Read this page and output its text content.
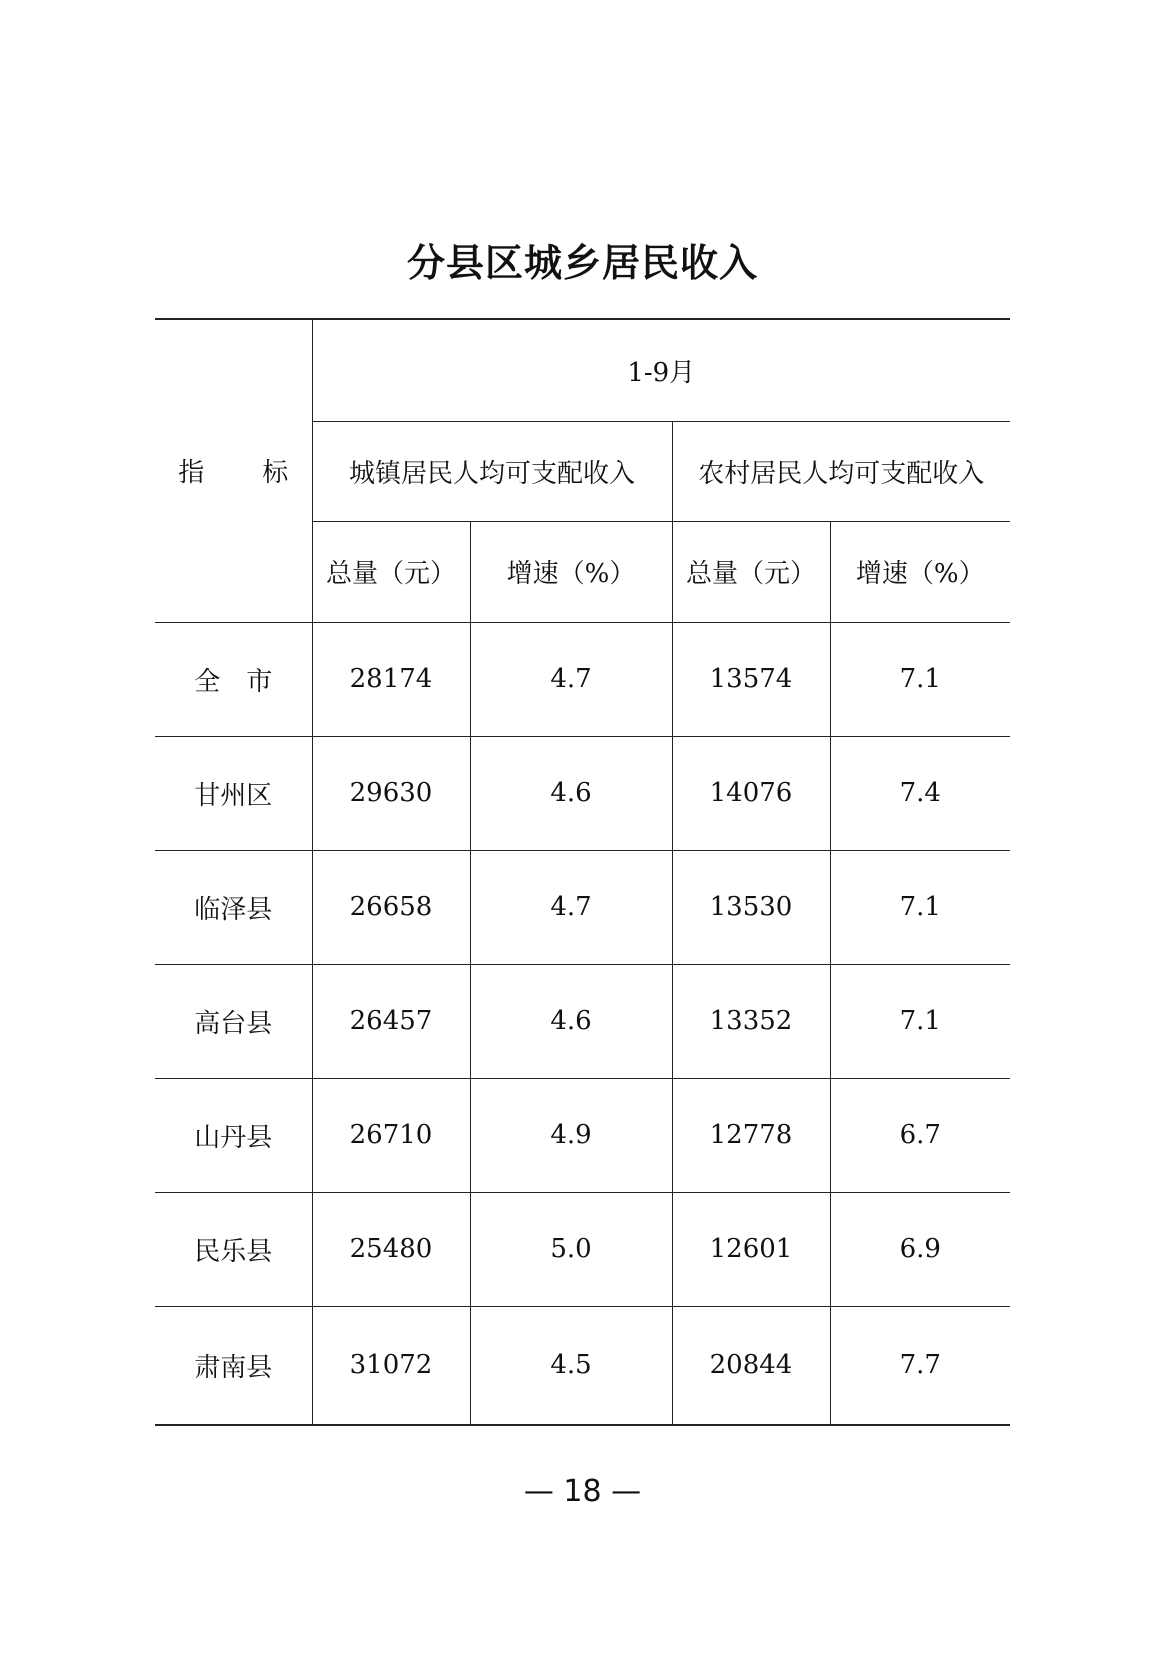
分县区城乡居民收入
指 标	1-9月			
	城镇居民人均可支配收入		农村居民人均可支配收入	
	总量（元）	增速（%）	总量（元）	增速（%）
全　市	28174	4.7	13574	7.1
甘州区	29630	4.6	14076	7.4
临泽县	26658	4.7	13530	7.1
高台县	26457	4.6	13352	7.1
山丹县	26710	4.9	12778	6.7
民乐县	25480	5.0	12601	6.9
肃南县	31072	4.5	20844	7.7
— 18 —
